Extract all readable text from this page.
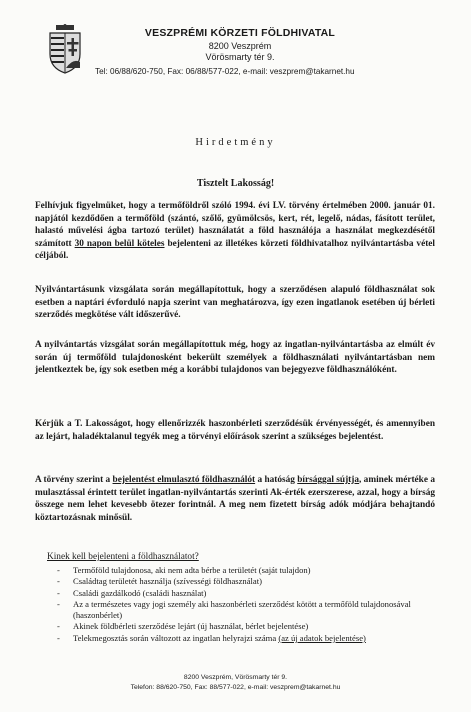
VESZPRÉMI KÖRZETI FÖLDHIVATAL
8200 Veszprém
Vörösmarty tér 9.
Tel: 06/88/620-750, Fax: 06/88/577-022, e-mail: veszprem@takarnet.hu
Hirdetmény
Tisztelt Lakosság!

Felhívjuk figyelmüket, hogy a termőföldről szóló 1994. évi LV. törvény értelmében 2000. január 01. napjától kezdődően a termőföld (szántó, szőlő, gyümölcsös, kert, rét, legelő, nádas, fásított terület, halastó művelési ágba tartozó terület) használatát a föld használója a használat megkezdésétől számított 30 napon belül köteles bejelenteni az illetékes körzeti földhivatalhoz nyilvántartásba vétel céljából.

Nyilvántartásunk vizsgálata során megállapítottuk, hogy a szerződésen alapuló földhasználat sok esetben a naptári évforduló napja szerint van meghatározva, így ezen ingatlanok esetében új bérleti szerződés megkötése vált időszerűvé.

A nyilvántartás vizsgálat során megállapítottuk még, hogy az ingatlan-nyilvántartásba az elmúlt év során új termőföld tulajdonosként bekerült személyek a földhasználati nyilvántartásban nem jelentkeztek be, így sok esetben még a korábbi tulajdonos van bejegyezve földhasználóként.

Kérjük a T. Lakosságot, hogy ellenőrizzék haszonbérleti szerződésük érvényességét, és amennyiben az lejárt, haladéktalanul tegyék meg a törvényi előírások szerint a szükséges bejelentést.

A törvény szerint a bejelentést elmulasztó földhasználót a hatóság bírsággal sújtja, aminek mértéke a mulasztással érintett terület ingatlan-nyilvántartás szerinti Ak-érték ezerszerese, azzal, hogy a bírság összege nem lehet kevesebb ötezer forintnál. A meg nem fizetett bírság adók módjára behajtandó köztartozásnak minősül.

Kinek kell bejelenteni a földhasználatot?
- Termőföld tulajdonosa, aki nem adta bérbe a területét (saját tulajdon)
- Családtag területét használja (szívességi földhasználat)
- Családi gazdálkodó (családi használat)
- Az a természetes vagy jogi személy aki haszonbérleti szerződést kötött a termőföld tulajdonosával (haszonbérlet)
- Akinek földbérleti szerződése lejárt (új használat, bérlet bejelentése)
- Telekmegosztás során változott az ingatlan helyrajzi száma (az új adatok bejelentése)
8200 Veszprém, Vörösmarty tér 9.
Telefon: 88/620-750, Fax: 88/577-022, e-mail: veszprem@takarnet.hu
